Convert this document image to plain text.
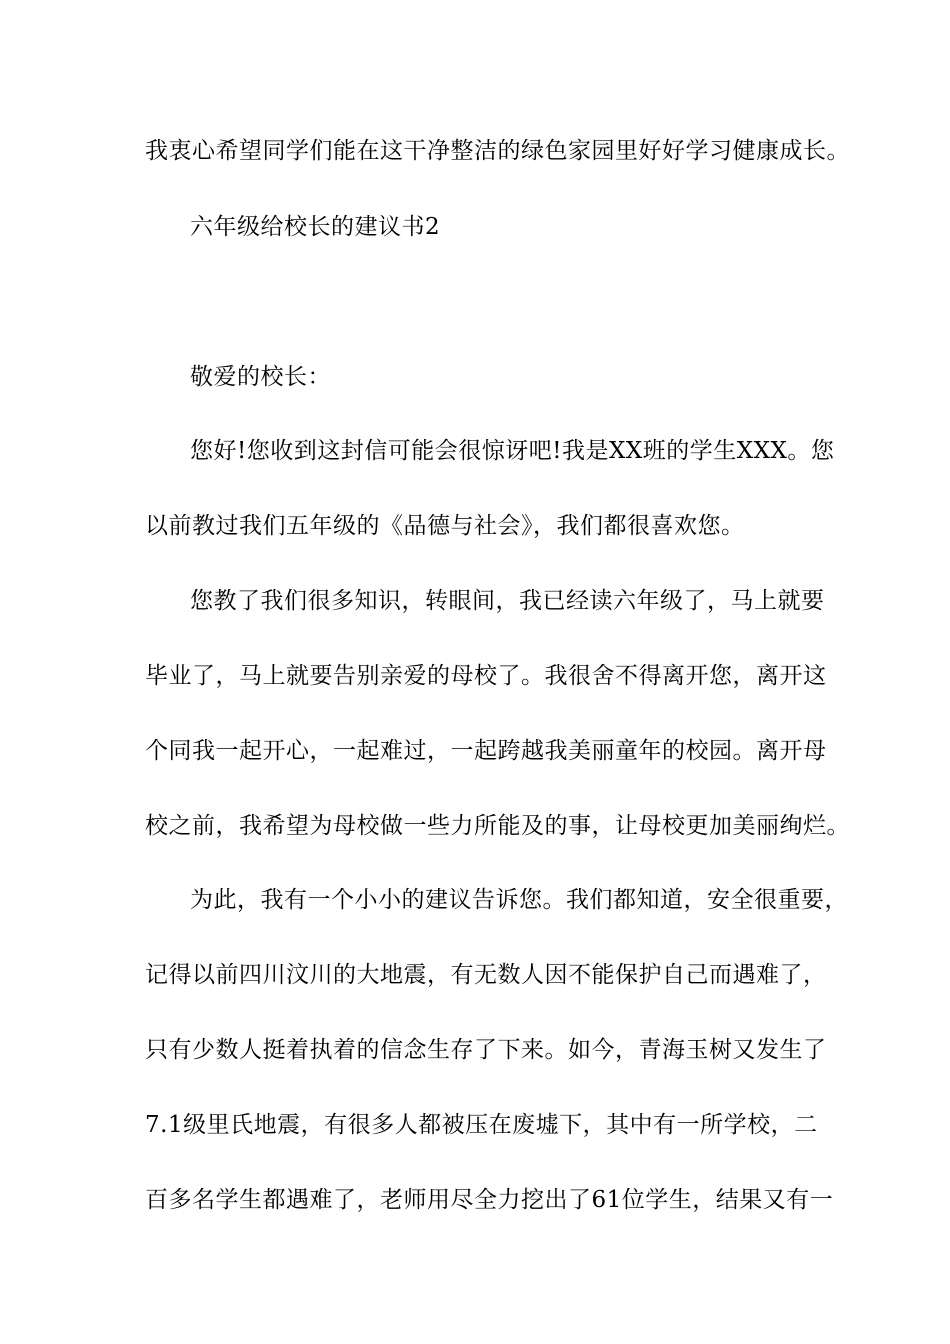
我衷心希望同学们能在这干净整洁的绿色家园里好好学习健康成长。
六年级给校长的建议书2
敬爱的校长：
您好!您收到这封信可能会很惊讶吧!我是XX班的学生XXX。您
以前教过我们五年级的《品德与社会》，我们都很喜欢您。
您教了我们很多知识，转眼间，我已经读六年级了，马上就要
毕业了，马上就要告别亲爱的母校了。我很舍不得离开您，离开这
个同我一起开心，一起难过，一起跨越我美丽童年的校园。离开母
校之前，我希望为母校做一些力所能及的事，让母校更加美丽绚烂。
为此，我有一个小小的建议告诉您。我们都知道，安全很重要，
记得以前四川汶川的大地震，有无数人因不能保护自己而遇难了，
只有少数人挺着执着的信念生存了下来。如今，青海玉树又发生了
7.1级里氏地震，有很多人都被压在废墟下，其中有一所学校，二
百多名学生都遇难了，老师用尽全力挖出了61位学生，结果又有一
